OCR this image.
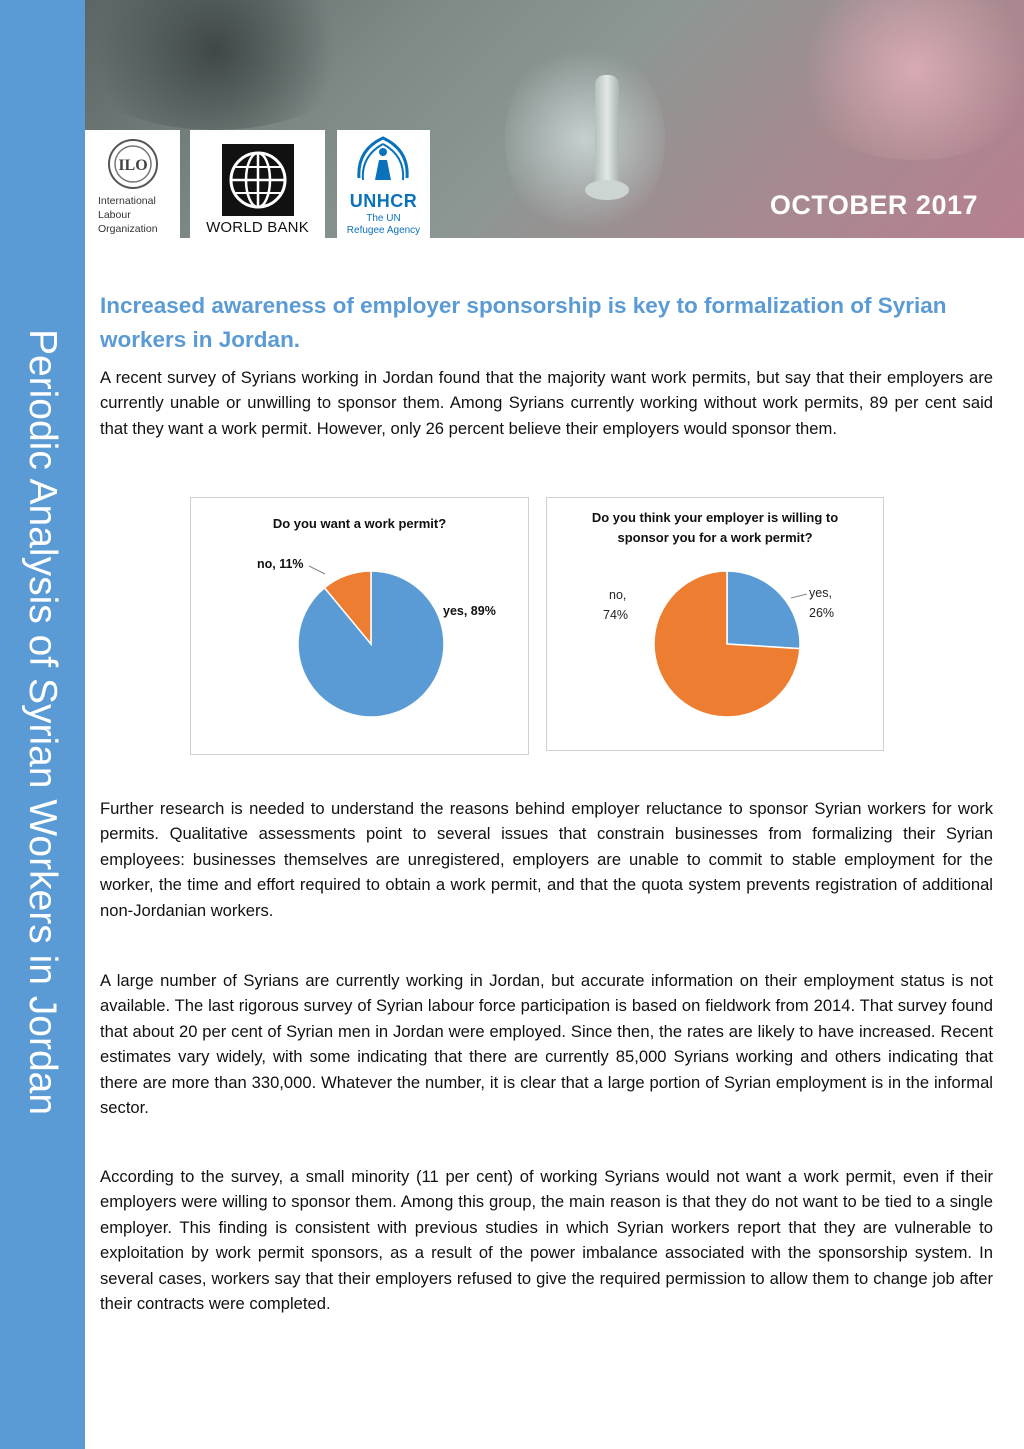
Periodic Analysis of Syrian Workers in Jordan
OCTOBER 2017
ILO
International
Labour
Organization	WORLD BANK
UNHCR
The UN
Refugee Agency
Increased awareness of employer sponsorship is key to formalization of Syrian workers in Jordan.

A recent survey of Syrians working in Jordan found that the majority want work permits, but say that their employers are currently unable or unwilling to sponsor them. Among Syrians currently working without work permits, 89 per cent said that they want a work permit. However, only 26 percent believe their employers would sponsor them.

Do you want a work permit?
yes, 89%
no, 11%
Do you think your employer is willing to sponsor you for a work permit?
yes,
26%
no,
74%

Further research is needed to understand the reasons behind employer reluctance to sponsor Syrian workers for work permits. Qualitative assessments point to several issues that constrain businesses from formalizing their Syrian employees: businesses themselves are unregistered, employers are unable to commit to stable employment for the worker, the time and effort required to obtain a work permit, and that the quota system prevents registration of additional non-Jordanian workers.

A large number of Syrians are currently working in Jordan, but accurate information on their employment status is not available. The last rigorous survey of Syrian labour force participation is based on fieldwork from 2014. That survey found that about 20 per cent of Syrian men in Jordan were employed. Since then, the rates are likely to have increased. Recent estimates vary widely, with some indicating that there are currently 85,000 Syrians working and others indicating that there are more than 330,000. Whatever the number, it is clear that a large portion of Syrian employment is in the informal sector.

According to the survey, a small minority (11 per cent) of working Syrians would not want a work permit, even if their employers were willing to sponsor them. Among this group, the main reason is that they do not want to be tied to a single employer. This finding is consistent with previous studies in which Syrian workers report that they are vulnerable to exploitation by work permit sponsors, as a result of the power imbalance associated with the sponsorship system. In several cases, workers say that their employers refused to give the required permission to allow them to change job after their contracts were completed.
